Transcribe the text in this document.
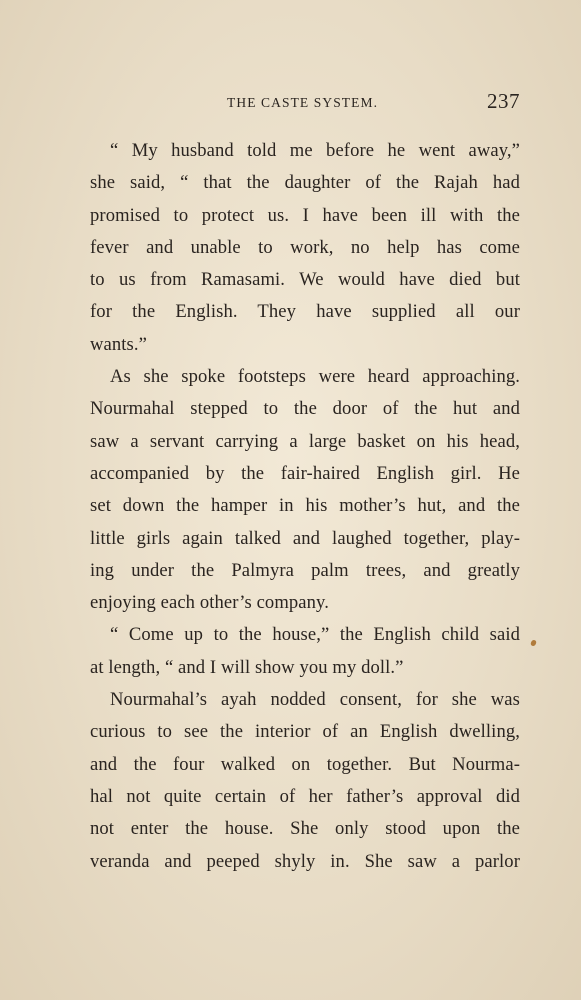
THE CASTE SYSTEM.	237
“ My husband told me before he went away,”
she said, “ that the daughter of the Rajah had
promised to protect us. I have been ill with the
fever and unable to work, no help has come
to us from Ramasami. We would have died but
for the English. They have supplied all our
wants.”
As she spoke footsteps were heard approaching.
Nourmahal stepped to the door of the hut and
saw a servant carrying a large basket on his head,
accompanied by the fair-haired English girl. He
set down the hamper in his mother’s hut, and the
little girls again talked and laughed together, play-
ing under the Palmyra palm trees, and greatly
enjoying each other’s company.
“ Come up to the house,” the English child said
at length, “ and I will show you my doll.”
Nourmahal’s ayah nodded consent, for she was
curious to see the interior of an English dwelling,
and the four walked on together. But Nourma-
hal not quite certain of her father’s approval did
not enter the house. She only stood upon the
veranda and peeped shyly in. She saw a parlor
